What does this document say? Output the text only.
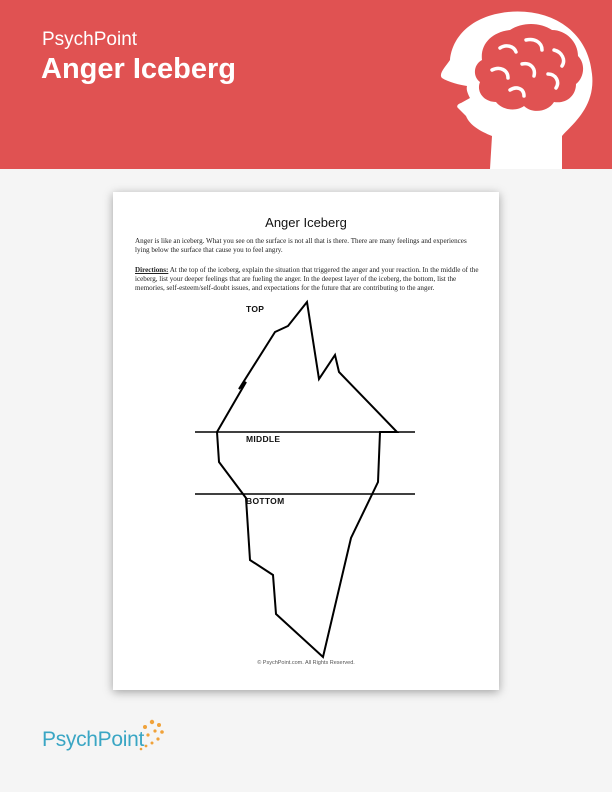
PsychPoint
Anger Iceberg
Anger Iceberg
Anger is like an iceberg. What you see on the surface is not all that is there. There are many feelings and experiences lying below the surface that cause you to feel angry.
Directions: At the top of the iceberg, explain the situation that triggered the anger and your reaction. In the middle of the iceberg, list your deeper feelings that are fueling the anger. In the deepest layer of the iceberg, the bottom, list the memories, self-esteem/self-doubt issues, and expectations for the future that are contributing to the anger.
TOP
MIDDLE
BOTTOM
© PsychPoint.com. All Rights Reserved.
PsychPoint
